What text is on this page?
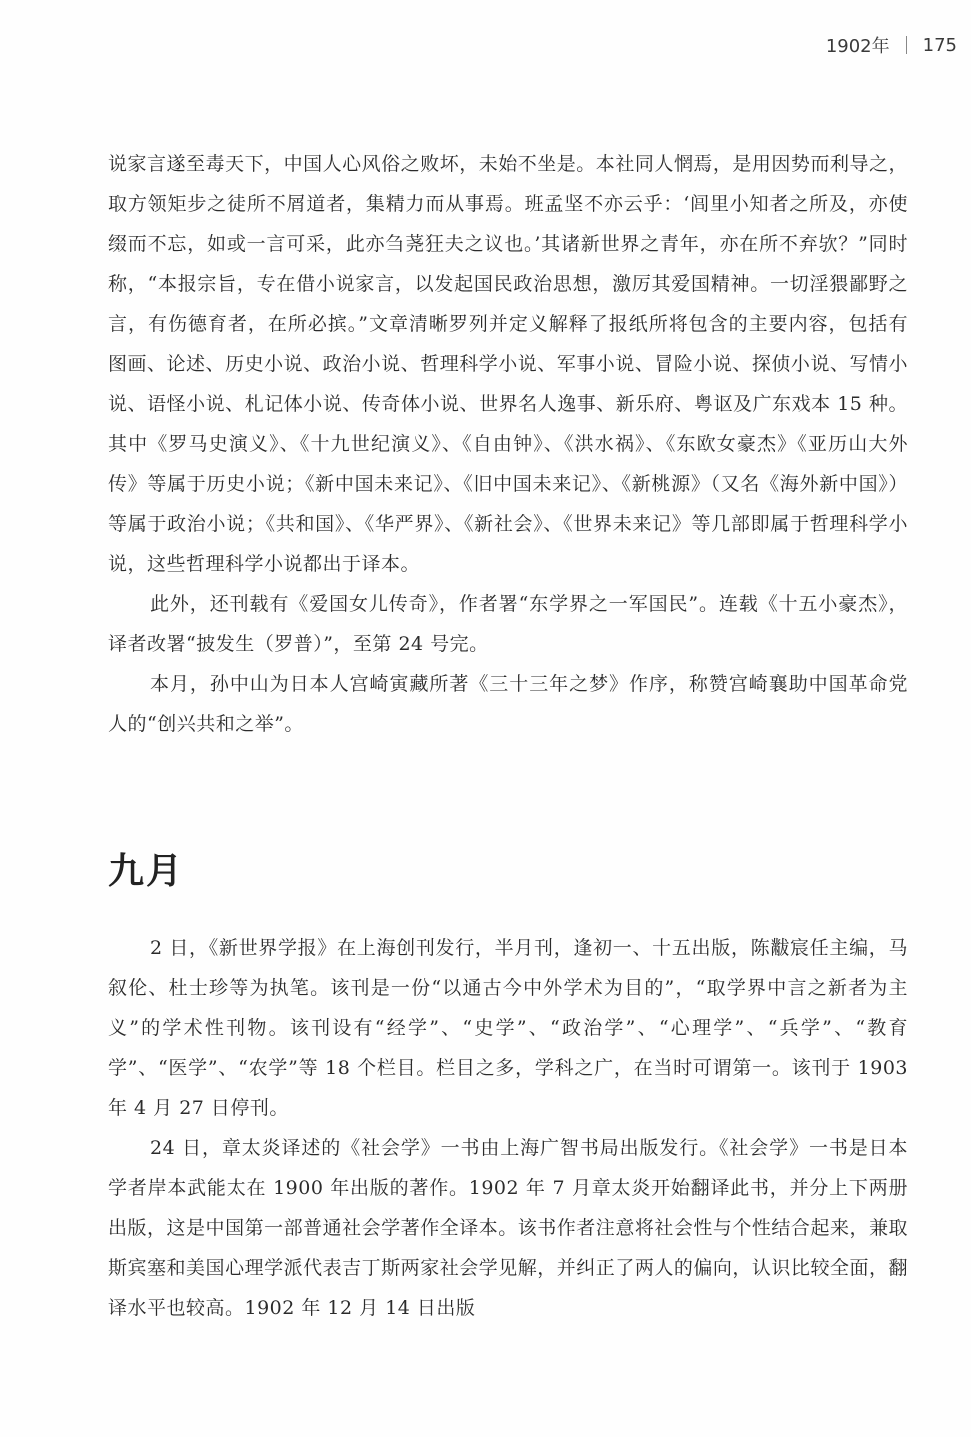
1902年 175

说家言遂至毒天下，中国人心风俗之败坏，未始不坐是。本社同人惘焉，是用因势而利导之，取方领矩步之徒所不屑道者，集精力而从事焉。班孟坚不亦云乎：‘闾里小知者之所及，亦使缀而不忘，如或一言可采，此亦刍荛狂夫之议也。’其诸新世界之青年，亦在所不弃欤？”同时称，“本报宗旨，专在借小说家言，以发起国民政治思想，激厉其爱国精神。一切淫猥鄙野之言，有伤德育者，在所必摈。”文章清晰罗列并定义解释了报纸所将包含的主要内容，包括有图画、论述、历史小说、政治小说、哲理科学小说、军事小说、冒险小说、探侦小说、写情小说、语怪小说、札记体小说、传奇体小说、世界名人逸事、新乐府、粤讴及广东戏本 15 种。其中《罗马史演义》、《十九世纪演义》、《自由钟》、《洪水祸》、《东欧女豪杰》《亚历山大外传》等属于历史小说；《新中国未来记》、《旧中国未来记》、《新桃源》（又名《海外新中国》）等属于政治小说；《共和国》、《华严界》、《新社会》、《世界未来记》等几部即属于哲理科学小说，这些哲理科学小说都出于译本。

此外，还刊载有《爱国女儿传奇》，作者署“东学界之一军国民”。连载《十五小豪杰》，译者改署“披发生（罗普）”，至第 24 号完。

本月，孙中山为日本人宫崎寅藏所著《三十三年之梦》作序，称赞宫崎襄助中国革命党人的“创兴共和之举”。

九月

2 日，《新世界学报》在上海创刊发行，半月刊，逢初一、十五出版，陈黻宸任主编，马叙伦、杜士珍等为执笔。该刊是一份“以通古今中外学术为目的”，“取学界中言之新者为主义”的学术性刊物。该刊设有“经学”、“史学”、“政治学”、“心理学”、“兵学”、“教育学”、“医学”、“农学”等 18 个栏目。栏目之多，学科之广，在当时可谓第一。该刊于 1903 年 4 月 27 日停刊。

24 日，章太炎译述的《社会学》一书由上海广智书局出版发行。《社会学》一书是日本学者岸本武能太在 1900 年出版的著作。1902 年 7 月章太炎开始翻译此书，并分上下两册出版，这是中国第一部普通社会学著作全译本。该书作者注意将社会性与个性结合起来，兼取斯宾塞和美国心理学派代表吉丁斯两家社会学见解，并纠正了两人的偏向，认识比较全面，翻译水平也较高。1902 年 12 月 14 日出版
